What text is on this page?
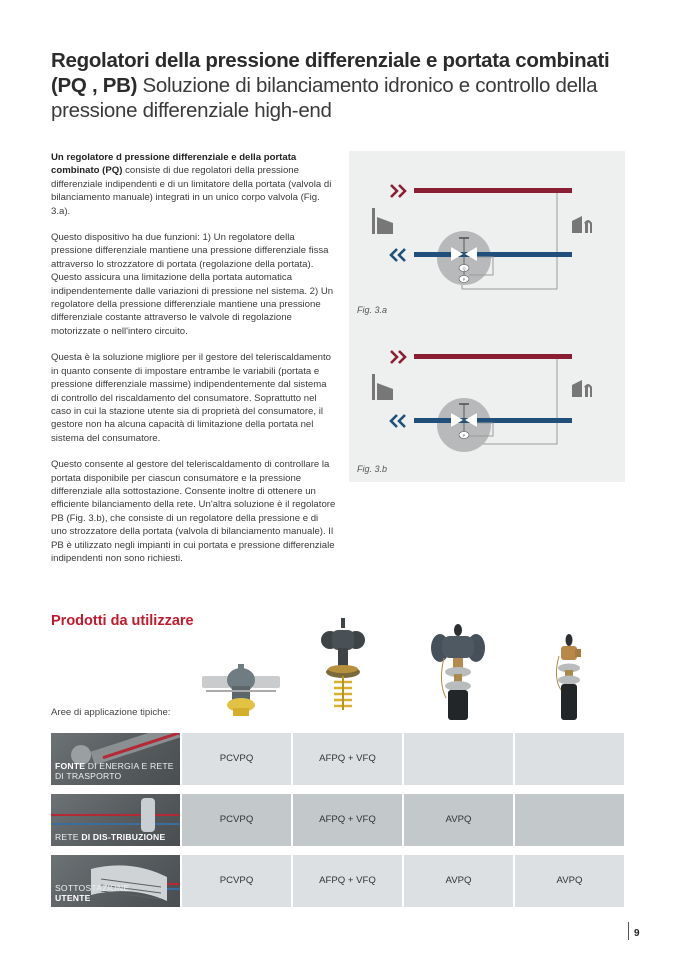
Regolatori della pressione differenziale e portata combinati (PQ , PB) Soluzione di bilanciamento idronico e controllo della pressione differenziale high-end

Un regolatore d pressione differenziale e della portata combinato (PQ) consiste di due regolatori della pressione differenziale indipendenti e di un limitatore della portata (valvola di bilanciamento manuale) integrati in un unico corpo valvola (Fig. 3.a).

Questo dispositivo ha due funzioni: 1) Un regolatore della pressione differenziale mantiene una pressione differenziale fissa attraverso lo strozzatore di portata (regolazione della portata). Questo assicura una limitazione della portata automatica indipendentemente dalle variazioni di pressione nel sistema. 2) Un regolatore della pressione differenziale mantiene una pressione differenziale costante attraverso le valvole di regolazione motorizzate o nell'intero circuito.

Questa è la soluzione migliore per il gestore del teleriscaldamento in quanto consente di impostare entrambe le variabili (portata e pressione differenziale massime) indipendentemente dal sistema di controllo del riscaldamento del consumatore. Soprattutto nel caso in cui la stazione utente sia di proprietà del consumatore, il gestore non ha alcuna capacità di limitazione della portata nel sistema del consumatore.

Questo consente al gestore del teleriscaldamento di controllare la portata disponibile per ciascun consumatore e la pressione differenziale alla sottostazione. Consente inoltre di ottenere un efficiente bilanciamento della rete. Un'altra soluzione è il regolatore PB (Fig. 3.b), che consiste di un regolatore della pressione e di uno strozzatore della portata (valvola di bilanciamento manuale). Il PB è utilizzato negli impianti in cui portata e pressione differenziale indipendenti non sono richiesti.

Q
P
Fig. 3.a
P
Fig. 3.b
Prodotti da utilizzare
Aree di applicazione tipiche:
FONTE DI ENERGIA E RETE DI TRASPORTO
PCVPQ	AFPQ + VFQ
RETE DI DIS-TRIBUZIONE
PCVPQ	AFPQ + VFQ	AVPQ
SOTTOSTAZIONE
UTENTE
PCVPQ	AFPQ + VFQ	AVPQ	AVPQ
9
